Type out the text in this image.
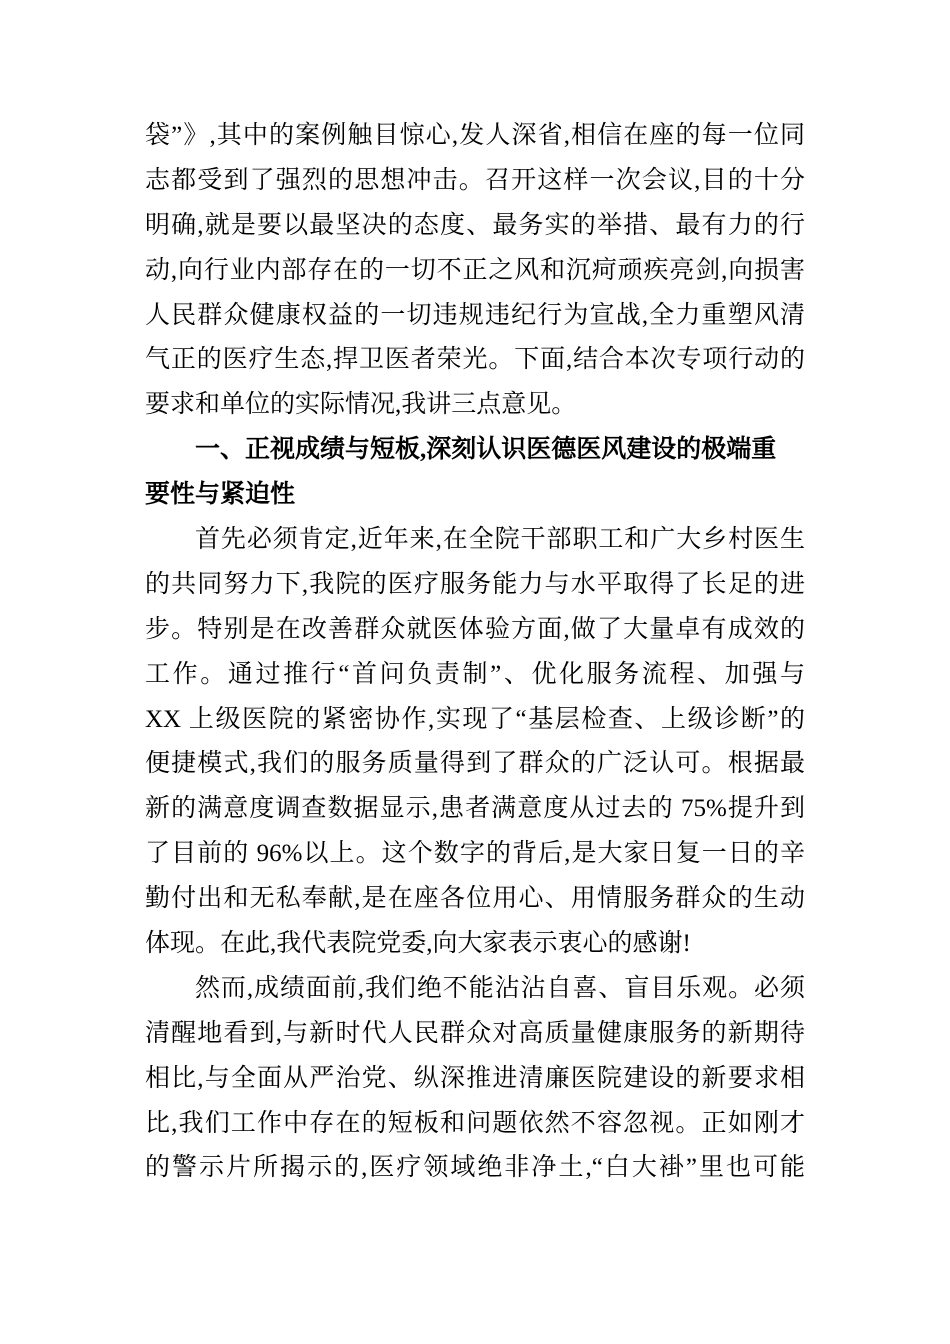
袋”》,其中的案例触目惊心,发人深省,相信在座的每一位同
志都受到了强烈的思想冲击。召开这样一次会议,目的十分
明确,就是要以最坚决的态度、最务实的举措、最有力的行
动,向行业内部存在的一切不正之风和沉疴顽疾亮剑,向损害
人民群众健康权益的一切违规违纪行为宣战,全力重塑风清
气正的医疗生态,捍卫医者荣光。下面,结合本次专项行动的
要求和单位的实际情况,我讲三点意见。
一、正视成绩与短板,深刻认识医德医风建设的极端重
要性与紧迫性
首先必须肯定,近年来,在全院干部职工和广大乡村医生
的共同努力下,我院的医疗服务能力与水平取得了长足的进
步。特别是在改善群众就医体验方面,做了大量卓有成效的
工作。通过推行“首问负责制”、优化服务流程、加强与
XX 上级医院的紧密协作,实现了“基层检查、上级诊断”的
便捷模式,我们的服务质量得到了群众的广泛认可。根据最
新的满意度调查数据显示,患者满意度从过去的 75%提升到
了目前的 96%以上。这个数字的背后,是大家日复一日的辛
勤付出和无私奉献,是在座各位用心、用情服务群众的生动
体现。在此,我代表院党委,向大家表示衷心的感谢!
然而,成绩面前,我们绝不能沾沾自喜、盲目乐观。必须
清醒地看到,与新时代人民群众对高质量健康服务的新期待
相比,与全面从严治党、纵深推进清廉医院建设的新要求相
比,我们工作中存在的短板和问题依然不容忽视。正如刚才
的警示片所揭示的,医疗领域绝非净土,“白大褂”里也可能
